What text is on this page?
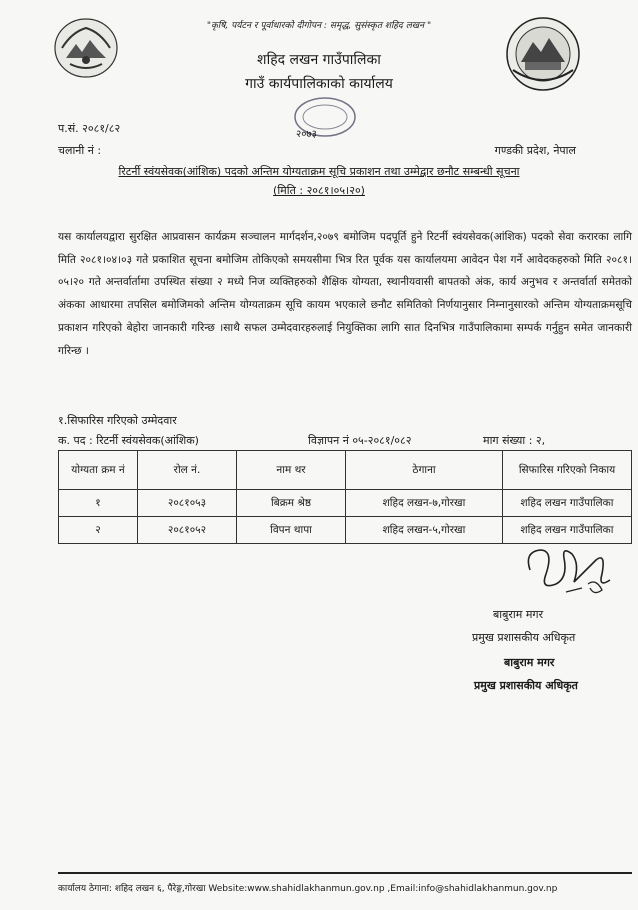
"कृषि, पर्यटन र पूर्वाधारको दीगोपन : समृद्ध, सुसंस्कृत शहिद लखन "
शहिद लखन गाउँपालिका
गाउँ कार्यपालिकाको कार्यालय
२०७३
प.सं. २०८१/८२
चलानी नं :	गण्डकी प्रदेश, नेपाल
रिटर्नी स्वंयसेवक(आंशिक) पदको अन्तिम योग्यताक्रम सूचि प्रकाशन तथा उम्मेद्वार छनौट सम्बन्धी सूचना
(मिति : २०८१।०५।२०)
यस कार्यालयद्वारा सुरक्षित आप्रवासन कार्यक्रम सञ्चालन मार्गदर्शन,२०७९ बमोजिम पदपूर्ति हुने रिटर्नी स्वंयसेवक(आंशिक) पदको सेवा करारका लागि मिति २०८१।०४।०३ गते प्रकाशित सूचना बमोजिम तोकिएको समयसीमा भित्र रित पूर्वक यस कार्यालयमा आवेदन पेश गर्ने आवेदकहरुको मिति २०८१।०५।२० गते अन्तर्वार्तामा उपस्थित संख्या २ मध्ये निज व्यक्तिहरुको शैक्षिक योग्यता, स्थानीयवासी बापतको अंक, कार्य अनुभव र अन्तर्वार्ता समेतको अंकका आधारमा तपसिल बमोजिमको अन्तिम योग्यताक्रम सूचि कायम भएकाले छनौट समितिको निर्णयानुसार निम्नानुसारको अन्तिम योग्यताक्रमसूचि प्रकाशन गरिएको बेहोरा जानकारी गरिन्छ ।साथै सफल उम्मेदवारहरुलाई नियुक्तिका लागि सात दिनभित्र गाउँपालिकामा सम्पर्क गर्नुहुन समेत जानकारी गरिन्छ ।
१.सिफारिस गरिएको उम्मेदवार
क. पद : रिटर्नी स्वंयसेवक(आंशिक)	विज्ञापन नं ०५-२०८१/०८२	माग संख्या : २,
योग्यता क्रम नं	रोल नं.	नाम थर	ठेगाना	सिफारिस गरिएको निकाय
१	२०८१०५३	बिक्रम श्रेष्ठ	शहिद लखन-७,गोरखा	शहिद लखन गाउँपालिका
२	२०८१०५२	विपन थापा	शहिद लखन-५,गोरखा	शहिद लखन गाउँपालिका
बाबुराम मगर
प्रमुख प्रशासकीय अधिकृत
बाबुराम मगर
प्रमुख प्रशासकीय अधिकृत
कार्यालय ठेगाना: शहिद लखन ६, पैरेङ्ग,गोरखा Website:www.shahidlakhanmun.gov.np ,Email:info@shahidlakhanmun.gov.np
